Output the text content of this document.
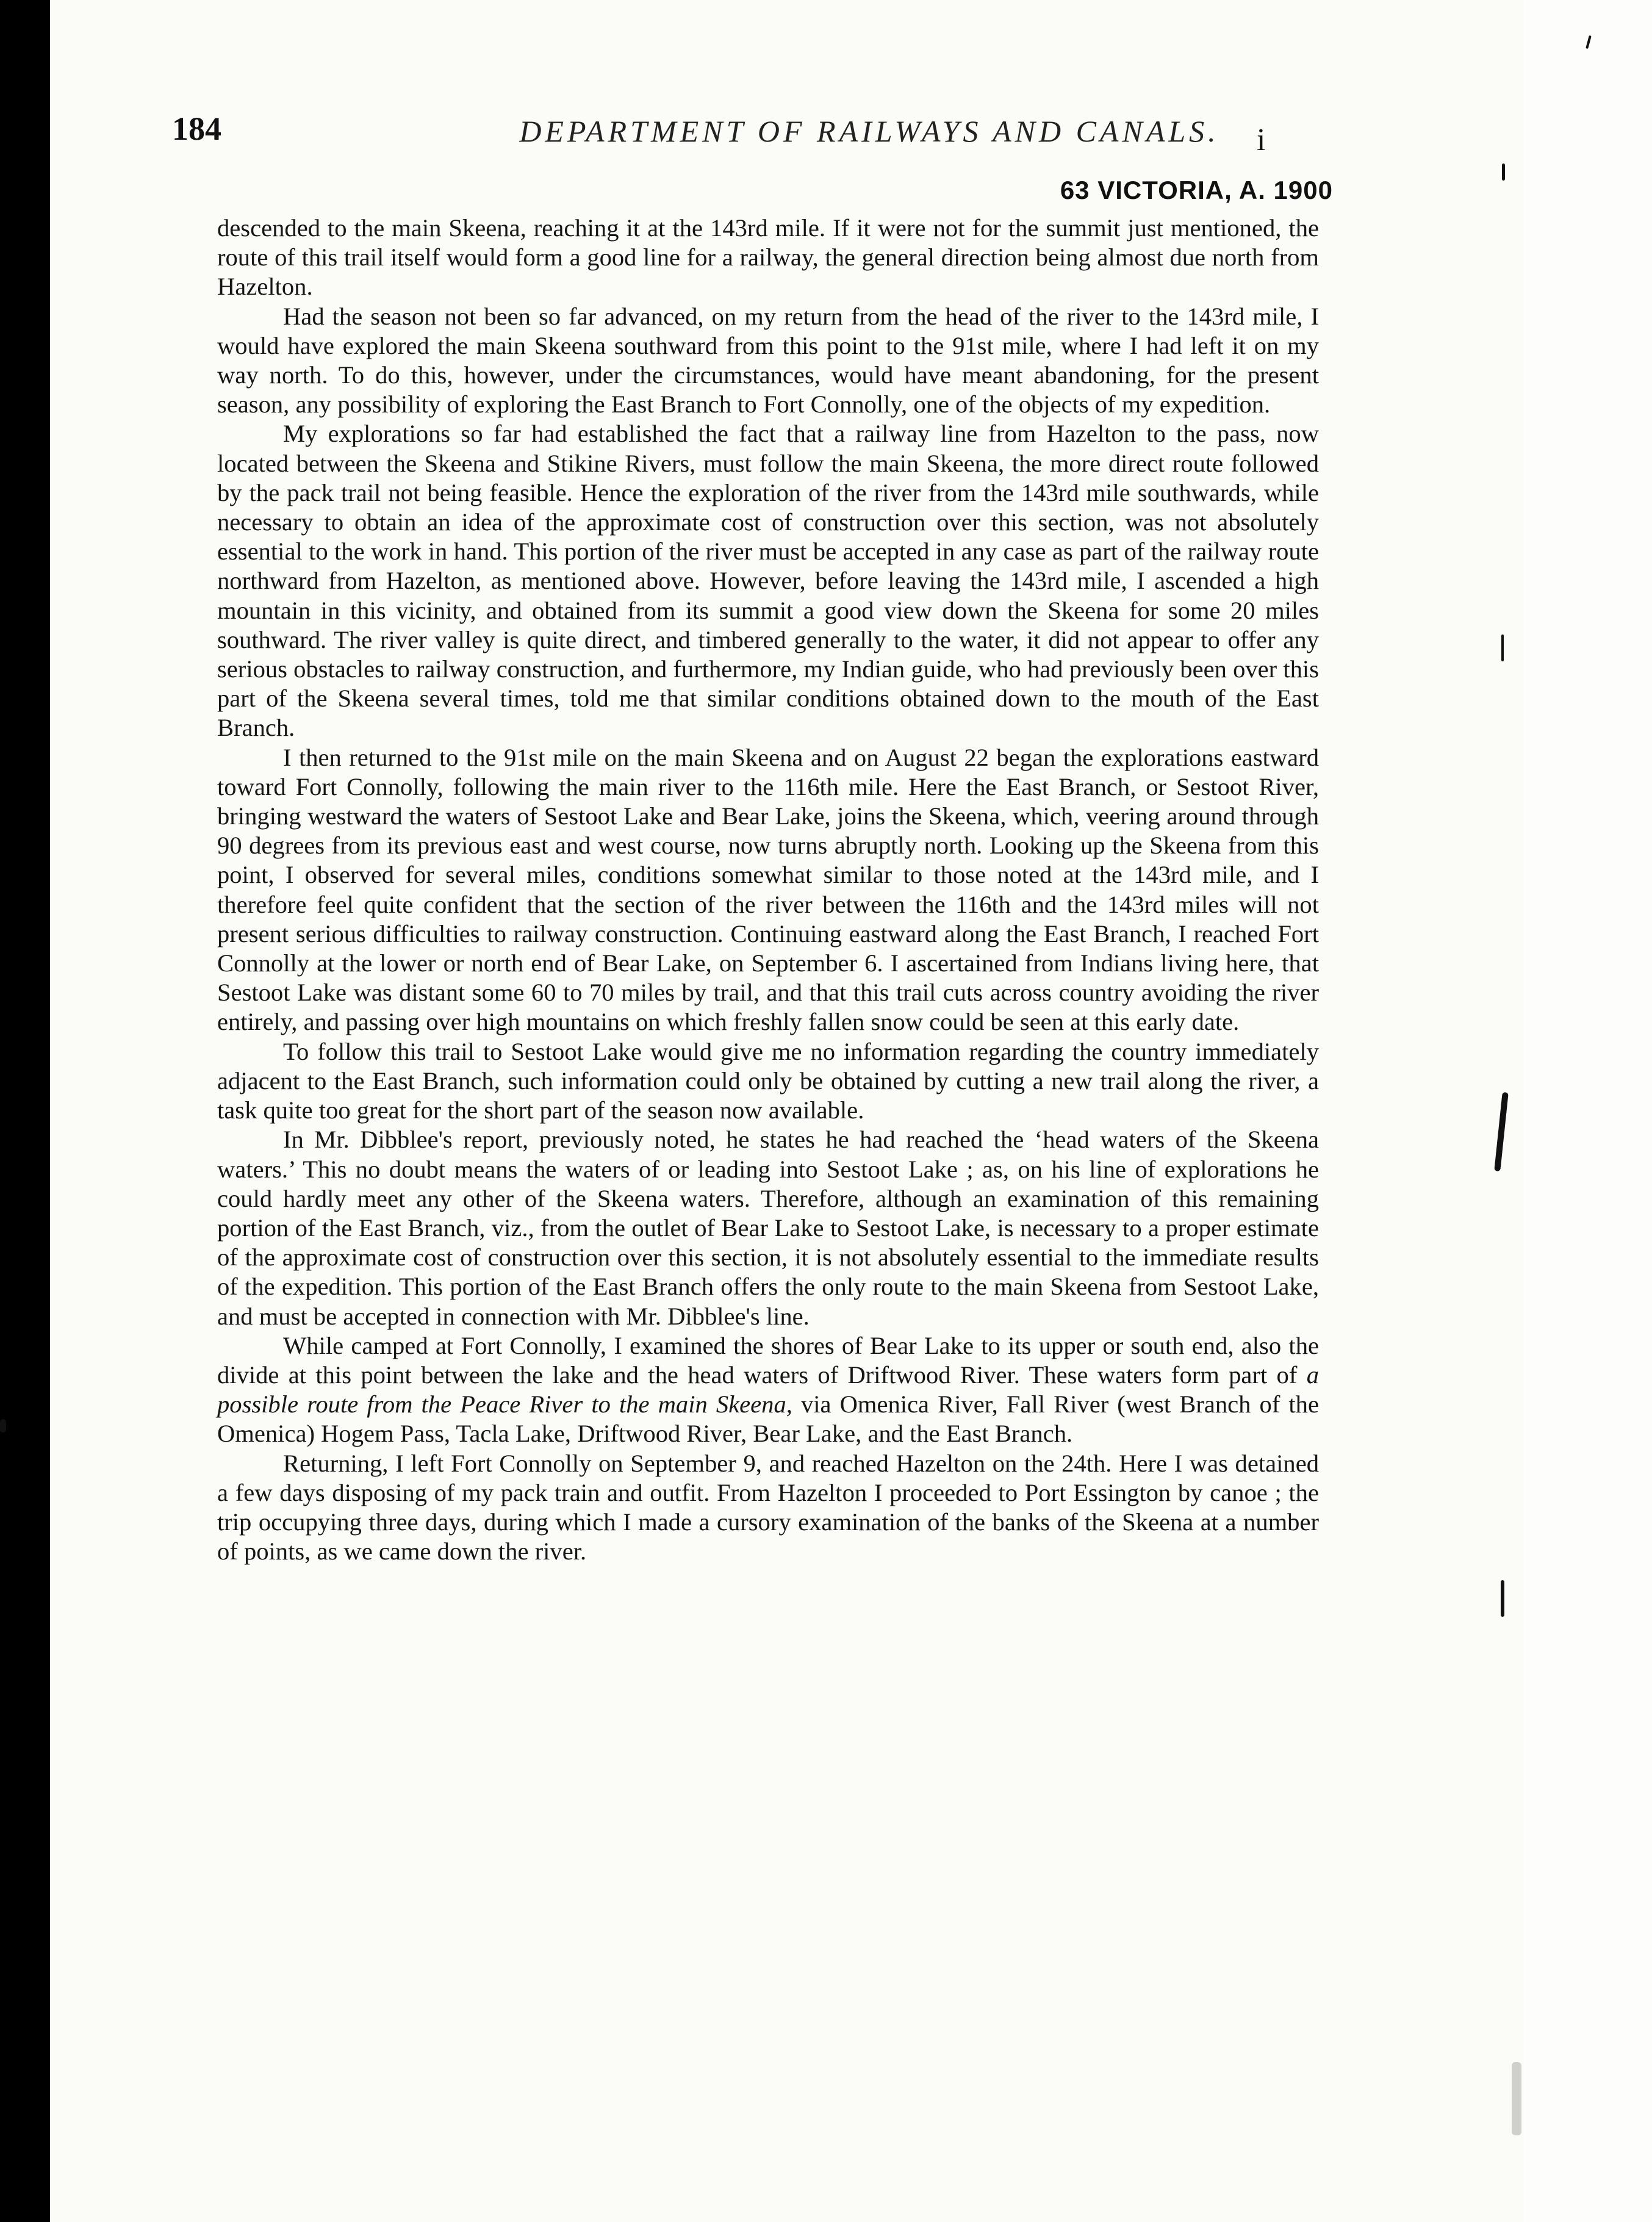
184	DEPARTMENT OF RAILWAYS AND CANALS.	i
63 VICTORIA, A. 1900

descended to the main Skeena, reaching it at the 143rd mile. If it were not for the summit just mentioned, the route of this trail itself would form a good line for a railway, the general direction being almost due north from Hazelton.

Had the season not been so far advanced, on my return from the head of the river to the 143rd mile, I would have explored the main Skeena southward from this point to the 91st mile, where I had left it on my way north. To do this, however, under the circumstances, would have meant abandoning, for the present season, any possibility of exploring the East Branch to Fort Connolly, one of the objects of my expedition.

My explorations so far had established the fact that a railway line from Hazelton to the pass, now located between the Skeena and Stikine Rivers, must follow the main Skeena, the more direct route followed by the pack trail not being feasible. Hence the exploration of the river from the 143rd mile southwards, while necessary to obtain an idea of the approximate cost of construction over this section, was not absolutely essential to the work in hand. This portion of the river must be accepted in any case as part of the railway route northward from Hazelton, as mentioned above. However, before leaving the 143rd mile, I ascended a high mountain in this vicinity, and obtained from its summit a good view down the Skeena for some 20 miles southward. The river valley is quite direct, and timbered generally to the water, it did not appear to offer any serious obstacles to railway construction, and furthermore, my Indian guide, who had previously been over this part of the Skeena several times, told me that similar conditions obtained down to the mouth of the East Branch.

I then returned to the 91st mile on the main Skeena and on August 22 began the explorations eastward toward Fort Connolly, following the main river to the 116th mile. Here the East Branch, or Sestoot River, bringing westward the waters of Sestoot Lake and Bear Lake, joins the Skeena, which, veering around through 90 degrees from its previous east and west course, now turns abruptly north. Looking up the Skeena from this point, I observed for several miles, conditions somewhat similar to those noted at the 143rd mile, and I therefore feel quite confident that the section of the river between the 116th and the 143rd miles will not present serious difficulties to railway construction. Continuing eastward along the East Branch, I reached Fort Connolly at the lower or north end of Bear Lake, on September 6. I ascertained from Indians living here, that Sestoot Lake was distant some 60 to 70 miles by trail, and that this trail cuts across country avoiding the river entirely, and passing over high mountains on which freshly fallen snow could be seen at this early date.

To follow this trail to Sestoot Lake would give me no information regarding the country immediately adjacent to the East Branch, such information could only be obtained by cutting a new trail along the river, a task quite too great for the short part of the season now available.

In Mr. Dibblee's report, previously noted, he states he had reached the ‘head waters of the Skeena waters.’ This no doubt means the waters of or leading into Sestoot Lake ; as, on his line of explorations he could hardly meet any other of the Skeena waters. Therefore, although an examination of this remaining portion of the East Branch, viz., from the outlet of Bear Lake to Sestoot Lake, is necessary to a proper estimate of the approximate cost of construction over this section, it is not absolutely essential to the immediate results of the expedition. This portion of the East Branch offers the only route to the main Skeena from Sestoot Lake, and must be accepted in connection with Mr. Dibblee's line.

While camped at Fort Connolly, I examined the shores of Bear Lake to its upper or south end, also the divide at this point between the lake and the head waters of Driftwood River. These waters form part of a possible route from the Peace River to the main Skeena, via Omenica River, Fall River (west Branch of the Omenica) Hogem Pass, Tacla Lake, Driftwood River, Bear Lake, and the East Branch.

Returning, I left Fort Connolly on September 9, and reached Hazelton on the 24th. Here I was detained a few days disposing of my pack train and outfit. From Hazelton I proceeded to Port Essington by canoe ; the trip occupying three days, during which I made a cursory examination of the banks of the Skeena at a number of points, as we came down the river.
